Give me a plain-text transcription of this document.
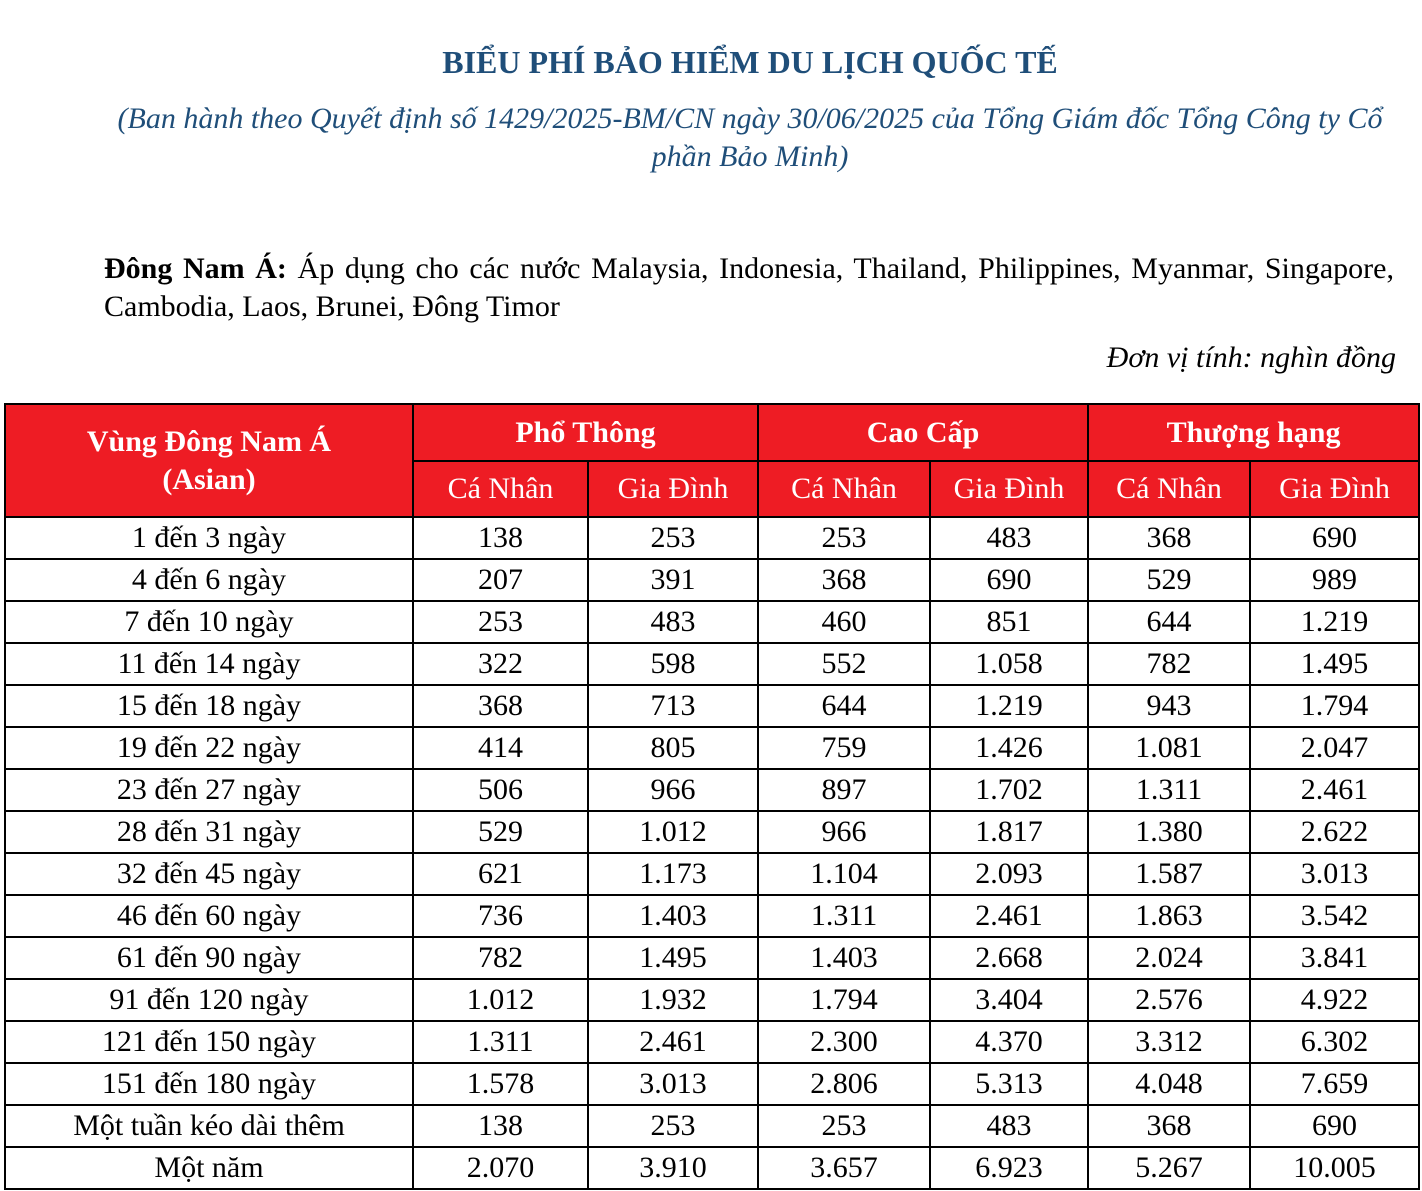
BIỂU PHÍ BẢO HIỂM DU LỊCH QUỐC TẾ
(Ban hành theo Quyết định số 1429/2025-BM/CN ngày 30/06/2025 của Tổng Giám đốc Tổng Công ty Cổ phần Bảo Minh)
Đông Nam Á: Áp dụng cho các nước Malaysia, Indonesia, Thailand, Philippines, Myanmar, Singapore, Cambodia, Laos, Brunei, Đông Timor
Đơn vị tính: nghìn đồng
Vùng Đông Nam Á (Asian)	Phổ Thông		Cao Cấp		Thượng hạng	
	Cá Nhân	Gia Đình	Cá Nhân	Gia Đình	Cá Nhân	Gia Đình
1 đến 3 ngày	138	253	253	483	368	690
4 đến 6 ngày	207	391	368	690	529	989
7 đến 10 ngày	253	483	460	851	644	1.219
11 đến 14 ngày	322	598	552	1.058	782	1.495
15 đến 18 ngày	368	713	644	1.219	943	1.794
19 đến 22 ngày	414	805	759	1.426	1.081	2.047
23 đến 27 ngày	506	966	897	1.702	1.311	2.461
28 đến 31 ngày	529	1.012	966	1.817	1.380	2.622
32 đến 45 ngày	621	1.173	1.104	2.093	1.587	3.013
46 đến 60 ngày	736	1.403	1.311	2.461	1.863	3.542
61 đến 90 ngày	782	1.495	1.403	2.668	2.024	3.841
91 đến 120 ngày	1.012	1.932	1.794	3.404	2.576	4.922
121 đến 150 ngày	1.311	2.461	2.300	4.370	3.312	6.302
151 đến 180 ngày	1.578	3.013	2.806	5.313	4.048	7.659
Một tuần kéo dài thêm	138	253	253	483	368	690
Một năm	2.070	3.910	3.657	6.923	5.267	10.005
